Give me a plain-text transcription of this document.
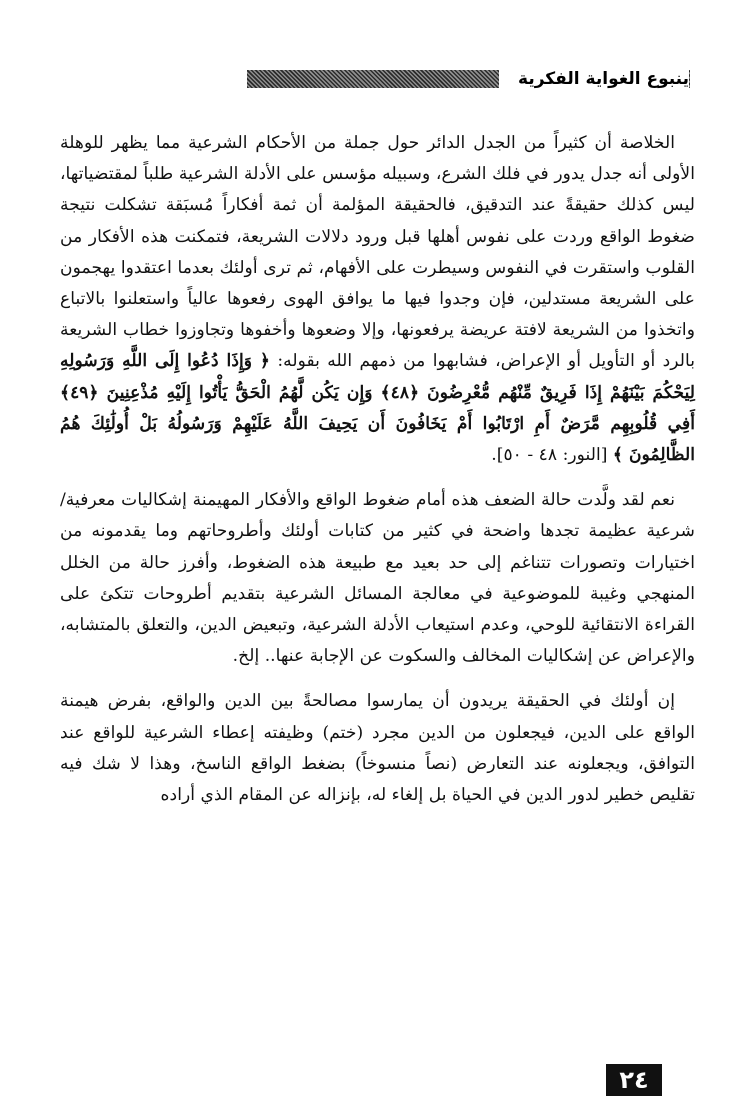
ينبوع الغواية الفكرية

الخلاصة أن كثيراً من الجدل الدائر حول جملة من الأحكام الشرعية مما يظهر للوهلة الأولى أنه جدل يدور في فلك الشرع، وسبيله مؤسس على الأدلة الشرعية طلباً لمقتضياتها، ليس كذلك حقيقةً عند التدقيق، فالحقيقة المؤلمة أن ثمة أفكاراً مُسبَقة تشكلت نتيجة ضغوط الواقع وردت على نفوس أهلها قبل ورود دلالات الشريعة، فتمكنت هذه الأفكار من القلوب واستقرت في النفوس وسيطرت على الأفهام، ثم ترى أولئك بعدما اعتقدوا يهجمون على الشريعة مستدلين، فإن وجدوا فيها ما يوافق الهوى رفعوها عالياً واستعلنوا بالاتباع واتخذوا من الشريعة لافتة عريضة يرفعونها، وإلا وضعوها وأخفوها وتجاوزوا خطاب الشريعة بالرد أو التأويل أو الإعراض، فشابهوا من ذمهم الله بقوله: ﴿ وَإِذَا دُعُوا إِلَى اللَّهِ وَرَسُولِهِ لِيَحْكُمَ بَيْنَهُمْ إِذَا فَرِيقٌ مِّنْهُم مُّعْرِضُونَ ﴿٤٨﴾ وَإِن يَكُن لَّهُمُ الْحَقُّ يَأْتُوا إِلَيْهِ مُذْعِنِينَ ﴿٤٩﴾ أَفِي قُلُوبِهِم مَّرَضٌ أَمِ ارْتَابُوا أَمْ يَخَافُونَ أَن يَحِيفَ اللَّهُ عَلَيْهِمْ وَرَسُولُهُ بَلْ أُولَٰئِكَ هُمُ الظَّالِمُونَ ﴾ [النور: ٤٨ - ٥٠].

نعم لقد ولَّدت حالة الضعف هذه أمام ضغوط الواقع والأفكار المهيمنة إشكاليات معرفية/ شرعية عظيمة تجدها واضحة في كثير من كتابات أولئك وأطروحاتهم وما يقدمونه من اختيارات وتصورات تتناغم إلى حد بعيد مع طبيعة هذه الضغوط، وأفرز حالة من الخلل المنهجي وغيبة للموضوعية في معالجة المسائل الشرعية بتقديم أطروحات تتكئ على القراءة الانتقائية للوحي، وعدم استيعاب الأدلة الشرعية، وتبعيض الدين، والتعلق بالمتشابه، والإعراض عن إشكاليات المخالف والسكوت عن الإجابة عنها.. إلخ.

إن أولئك في الحقيقة يريدون أن يمارسوا مصالحةً بين الدين والواقع، بفرض هيمنة الواقع على الدين، فيجعلون من الدين مجرد (ختم) وظيفته إعطاء الشرعية للواقع عند التوافق، ويجعلونه عند التعارض (نصاً منسوخاً) بضغط الواقع الناسخ، وهذا لا شك فيه تقليص خطير لدور الدين في الحياة بل إلغاء له، بإنزاله عن المقام الذي أراده

٢٤
